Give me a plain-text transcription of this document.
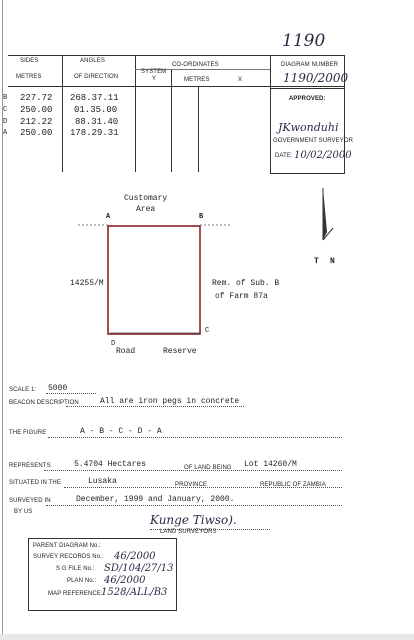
1190
SIDES
METRES
ANGLES
OF DIRECTION
SYSTEM
Y
CO-ORDINATES
METRES	X
B 227.72 268.37.11
C 250.00 01.35.00
D 212.22	88.31.40
A 250.00 178.29.31
DIAGRAM NUMBER
1190/2000
APPROVED:
JKwonduhi
GOVERNMENT SURVEYOR
DATE: 10/02/2000
Customary
Area
A	B
C
D
14255/M	Rem. of Sub. B
of Farm 87a
Road	Reserve
T N
SCALE 1: 5000
BEACON DESCRIPTION	All are iron pegs in concrete
THE FIGURE	A - B - C - D - A
REPRESENTS	5.4704 Hectares	OF LAND BEING Lot 14260/M
SITUATED IN THE	Lusaka	PROVINCE	REPUBLIC OF ZAMBIA
SURVEYED IN	December, 1999 and January, 2000.
BY US
Kunge Tiwso).
LAND SURVEYORS
PARENT DIAGRAM No.:
SURVEY RECORDS No.: 46/2000
S G FILE No.: SD/104/27/13
PLAN No.: 46/2000
MAP REFERENCE:
1528/ALL/B3
